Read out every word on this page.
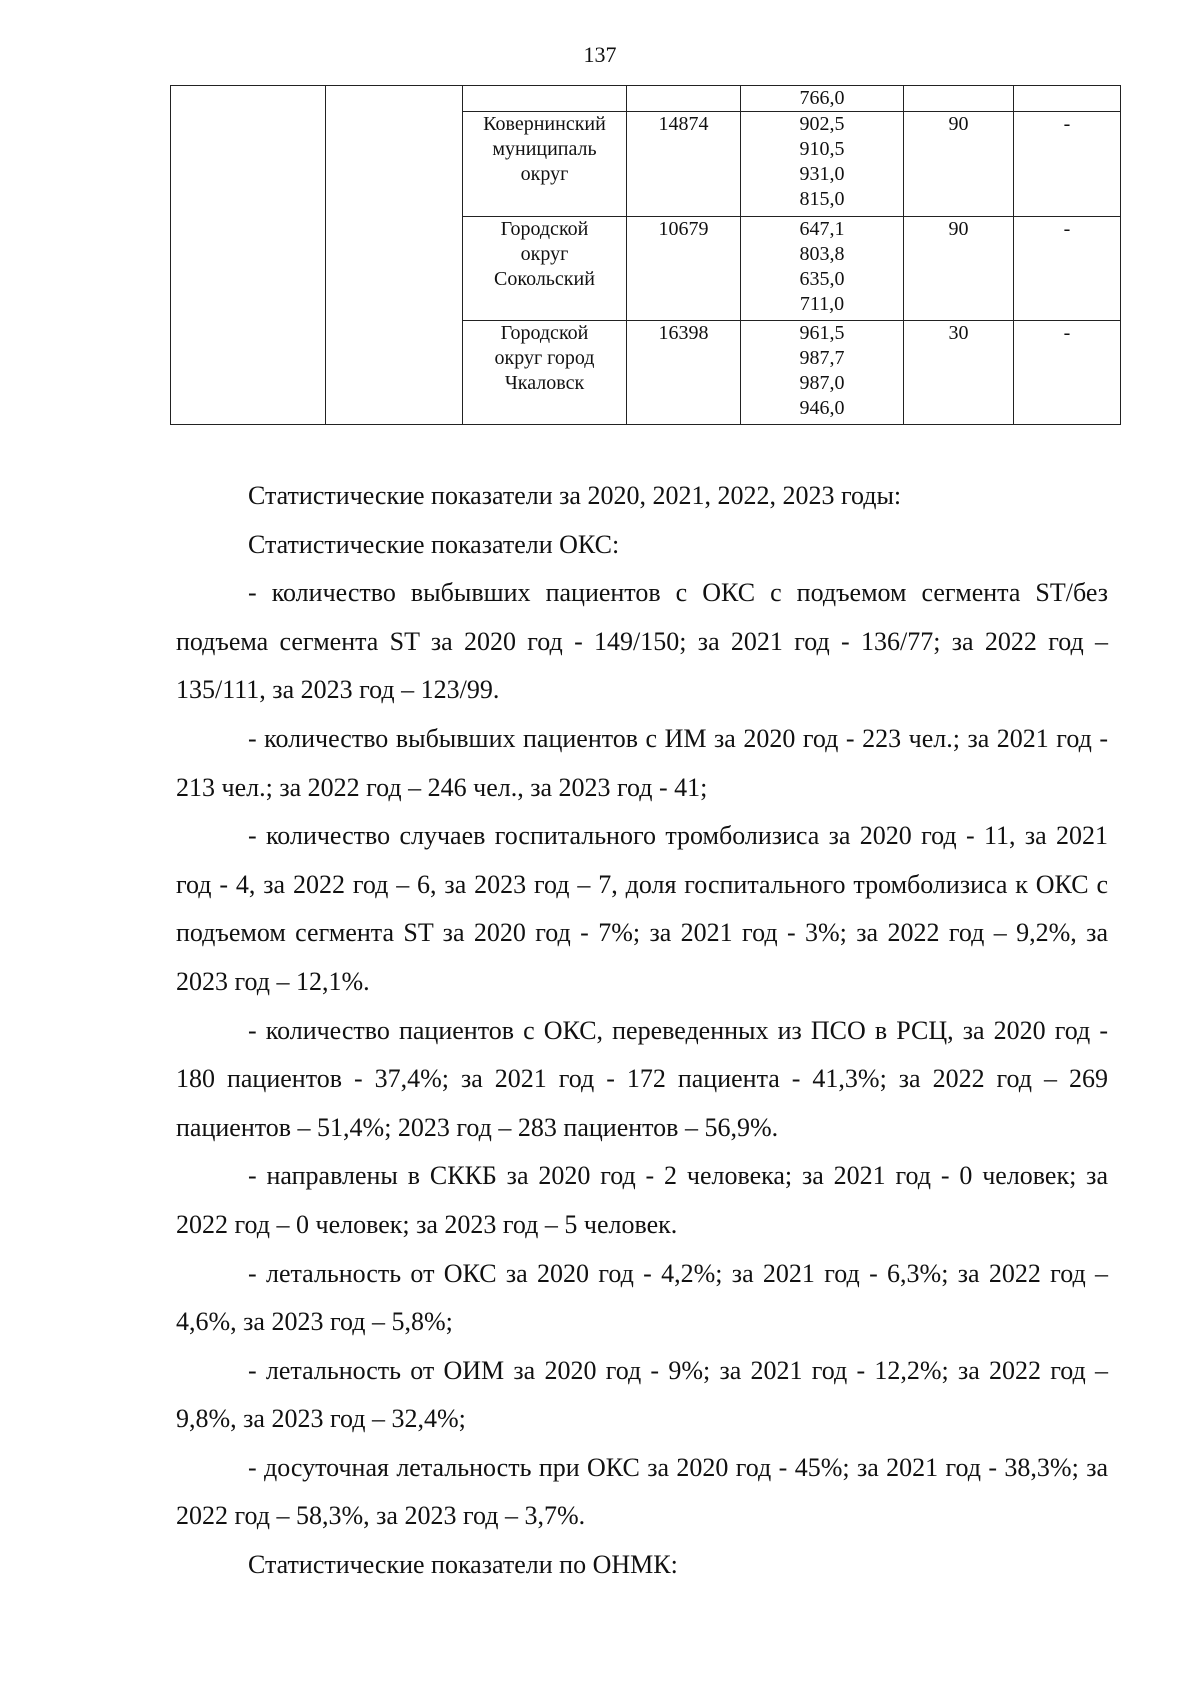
137
				766,0		

		Ковернинский
муниципаль
округ	14874	902,5
910,5
931,0
815,0	90	-

		Городской
округ
Сокольский	10679	647,1
803,8
635,0
711,0	90	-

		Городской
округ город
Чкаловск	16398	961,5
987,7
987,0
946,0	30	-

Статистические показатели за 2020, 2021, 2022, 2023 годы:

Статистические показатели ОКС:

- количество выбывших пациентов с ОКС с подъемом сегмента ST/без подъема сегмента ST за 2020 год - 149/150; за 2021 год - 136/77; за 2022 год – 135/111, за 2023 год – 123/99.

- количество выбывших пациентов с ИМ за 2020 год - 223 чел.; за 2021 год - 213 чел.; за 2022 год – 246 чел., за 2023 год - 41;

- количество случаев госпитального тромболизиса за 2020 год - 11, за 2021 год - 4, за 2022 год – 6, за 2023 год – 7, доля госпитального тромболизиса к ОКС с подъемом сегмента ST за 2020 год - 7%; за 2021 год - 3%; за 2022 год – 9,2%, за 2023 год – 12,1%.

- количество пациентов с ОКС, переведенных из ПСО в РСЦ, за 2020 год - 180 пациентов - 37,4%; за 2021 год - 172 пациента - 41,3%; за 2022 год – 269 пациентов – 51,4%; 2023 год – 283 пациентов – 56,9%.

- направлены в СККБ за 2020 год - 2 человека; за 2021 год - 0 человек; за 2022 год – 0 человек; за 2023 год – 5 человек.

- летальность от ОКС за 2020 год - 4,2%; за 2021 год - 6,3%; за 2022 год – 4,6%, за 2023 год – 5,8%;

- летальность от ОИМ за 2020 год - 9%; за 2021 год - 12,2%; за 2022 год – 9,8%, за 2023 год – 32,4%;

- досуточная летальность при ОКС за 2020 год - 45%; за 2021 год - 38,3%; за 2022 год – 58,3%, за 2023 год – 3,7%.

Статистические показатели по ОНМК:
